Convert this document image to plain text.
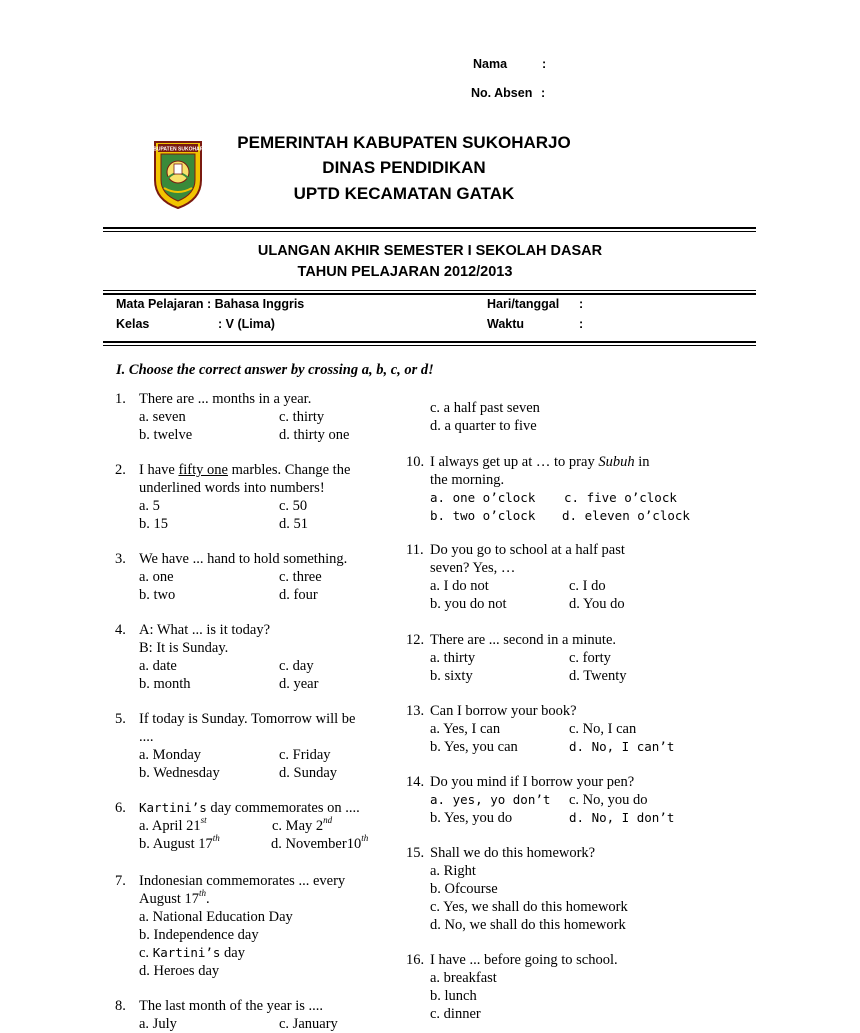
Nama	:
No. Absen :
KABUPATEN SUKOHARJO	PEMERINTAH KABUPATEN SUKOHARJO
DINAS PENDIDIKAN
UPTD KECAMATAN GATAK
ULANGAN AKHIR SEMESTER I SEKOLAH DASAR
TAHUN PELAJARAN 2012/2013
Mata Pelajaran : Bahasa Inggris
Kelas	: V (Lima)
Hari/tanggal :
Waktu	:
I. Choose the correct answer by crossing a, b, c, or d!
1. There are ... months in a year.
a. seven	c. thirty
b. twelve	d. thirty one
2. I have fifty one marbles. Change the
underlined words into numbers!
a. 5	c. 50
b. 15	d. 51
3. We have ... hand to hold something.
a. one	c. three
b. two	d. four
4. A: What ... is it today?
B: It is Sunday.
a. date	c. day
b. month	d. year
5. If today is Sunday. Tomorrow will be
....
a. Monday	c. Friday
b. Wednesday	d. Sunday
6. Kartini’s day commemorates on ....
a. April 21st	c. May 2nd
b. August 17th	d. November10th
7. Indonesian commemorates ... every
August 17th.
a. National Education Day
b. Independence day
c. Kartini’s day
d. Heroes day
8. The last month of the year is ....
a. July	c. January
c. a half past seven
d. a quarter to five
10. I always get up at … to pray Subuh in
the morning.
a. one o’clock c. five o’clock
b. two o’clock d. eleven o’clock
11. Do you go to school at a half past
seven? Yes, …
a. I do not	c. I do
b. you do not	d. You do
12. There are ... second in a minute.
a. thirty	c. forty
b. sixty	d. Twenty
13. Can I borrow your book?
a. Yes, I can	c. No, I can
b. Yes, you can	d. No, I can’t
14. Do you mind if I borrow your pen?
a. yes, yo don’t c. No, you do
b. Yes, you do	d. No, I don’t
15. Shall we do this homework?
a. Right
b. Ofcourse
c. Yes, we shall do this homework
d. No, we shall do this homework
16. I have ... before going to school.
a. breakfast
b. lunch
c. dinner
